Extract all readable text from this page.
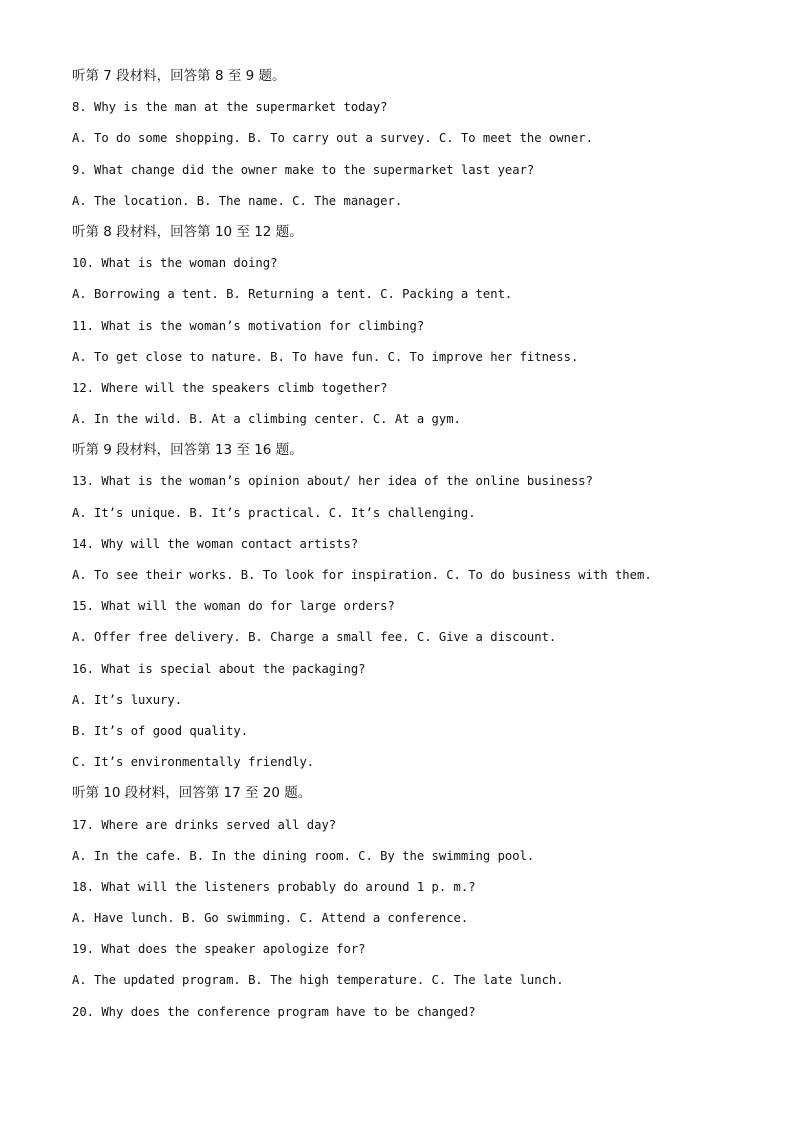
听第 7 段材料，回答第 8 至 9 题。
8. Why is the man at the supermarket today?
A. To do some shopping. B. To carry out a survey. C. To meet the owner.
9. What change did the owner make to the supermarket last year?
A. The location. B. The name. C. The manager.
听第 8 段材料，回答第 10 至 12 题。
10. What is the woman doing?
A. Borrowing a tent. B. Returning a tent. C. Packing a tent.
11. What is the woman’s motivation for climbing?
A. To get close to nature. B. To have fun. C. To improve her fitness.
12. Where will the speakers climb together?
A. In the wild. B. At a climbing center. C. At a gym.
听第 9 段材料，回答第 13 至 16 题。
13. What is the woman’s opinion about/ her idea of the online business?
A. It’s unique. B. It’s practical. C. It’s challenging.
14. Why will the woman contact artists?
A. To see their works. B. To look for inspiration. C. To do business with them.
15. What will the woman do for large orders?
A. Offer free delivery. B. Charge a small fee. C. Give a discount.
16. What is special about the packaging?
A. It’s luxury.
B. It’s of good quality.
C. It’s environmentally friendly.
听第 10 段材料，回答第 17 至 20 题。
17. Where are drinks served all day?
A. In the cafe. B. In the dining room. C. By the swimming pool.
18. What will the listeners probably do around 1 p. m.?
A. Have lunch. B. Go swimming. C. Attend a conference.
19. What does the speaker apologize for?
A. The updated program. B. The high temperature. C. The late lunch.
20. Why does the conference program have to be changed?
